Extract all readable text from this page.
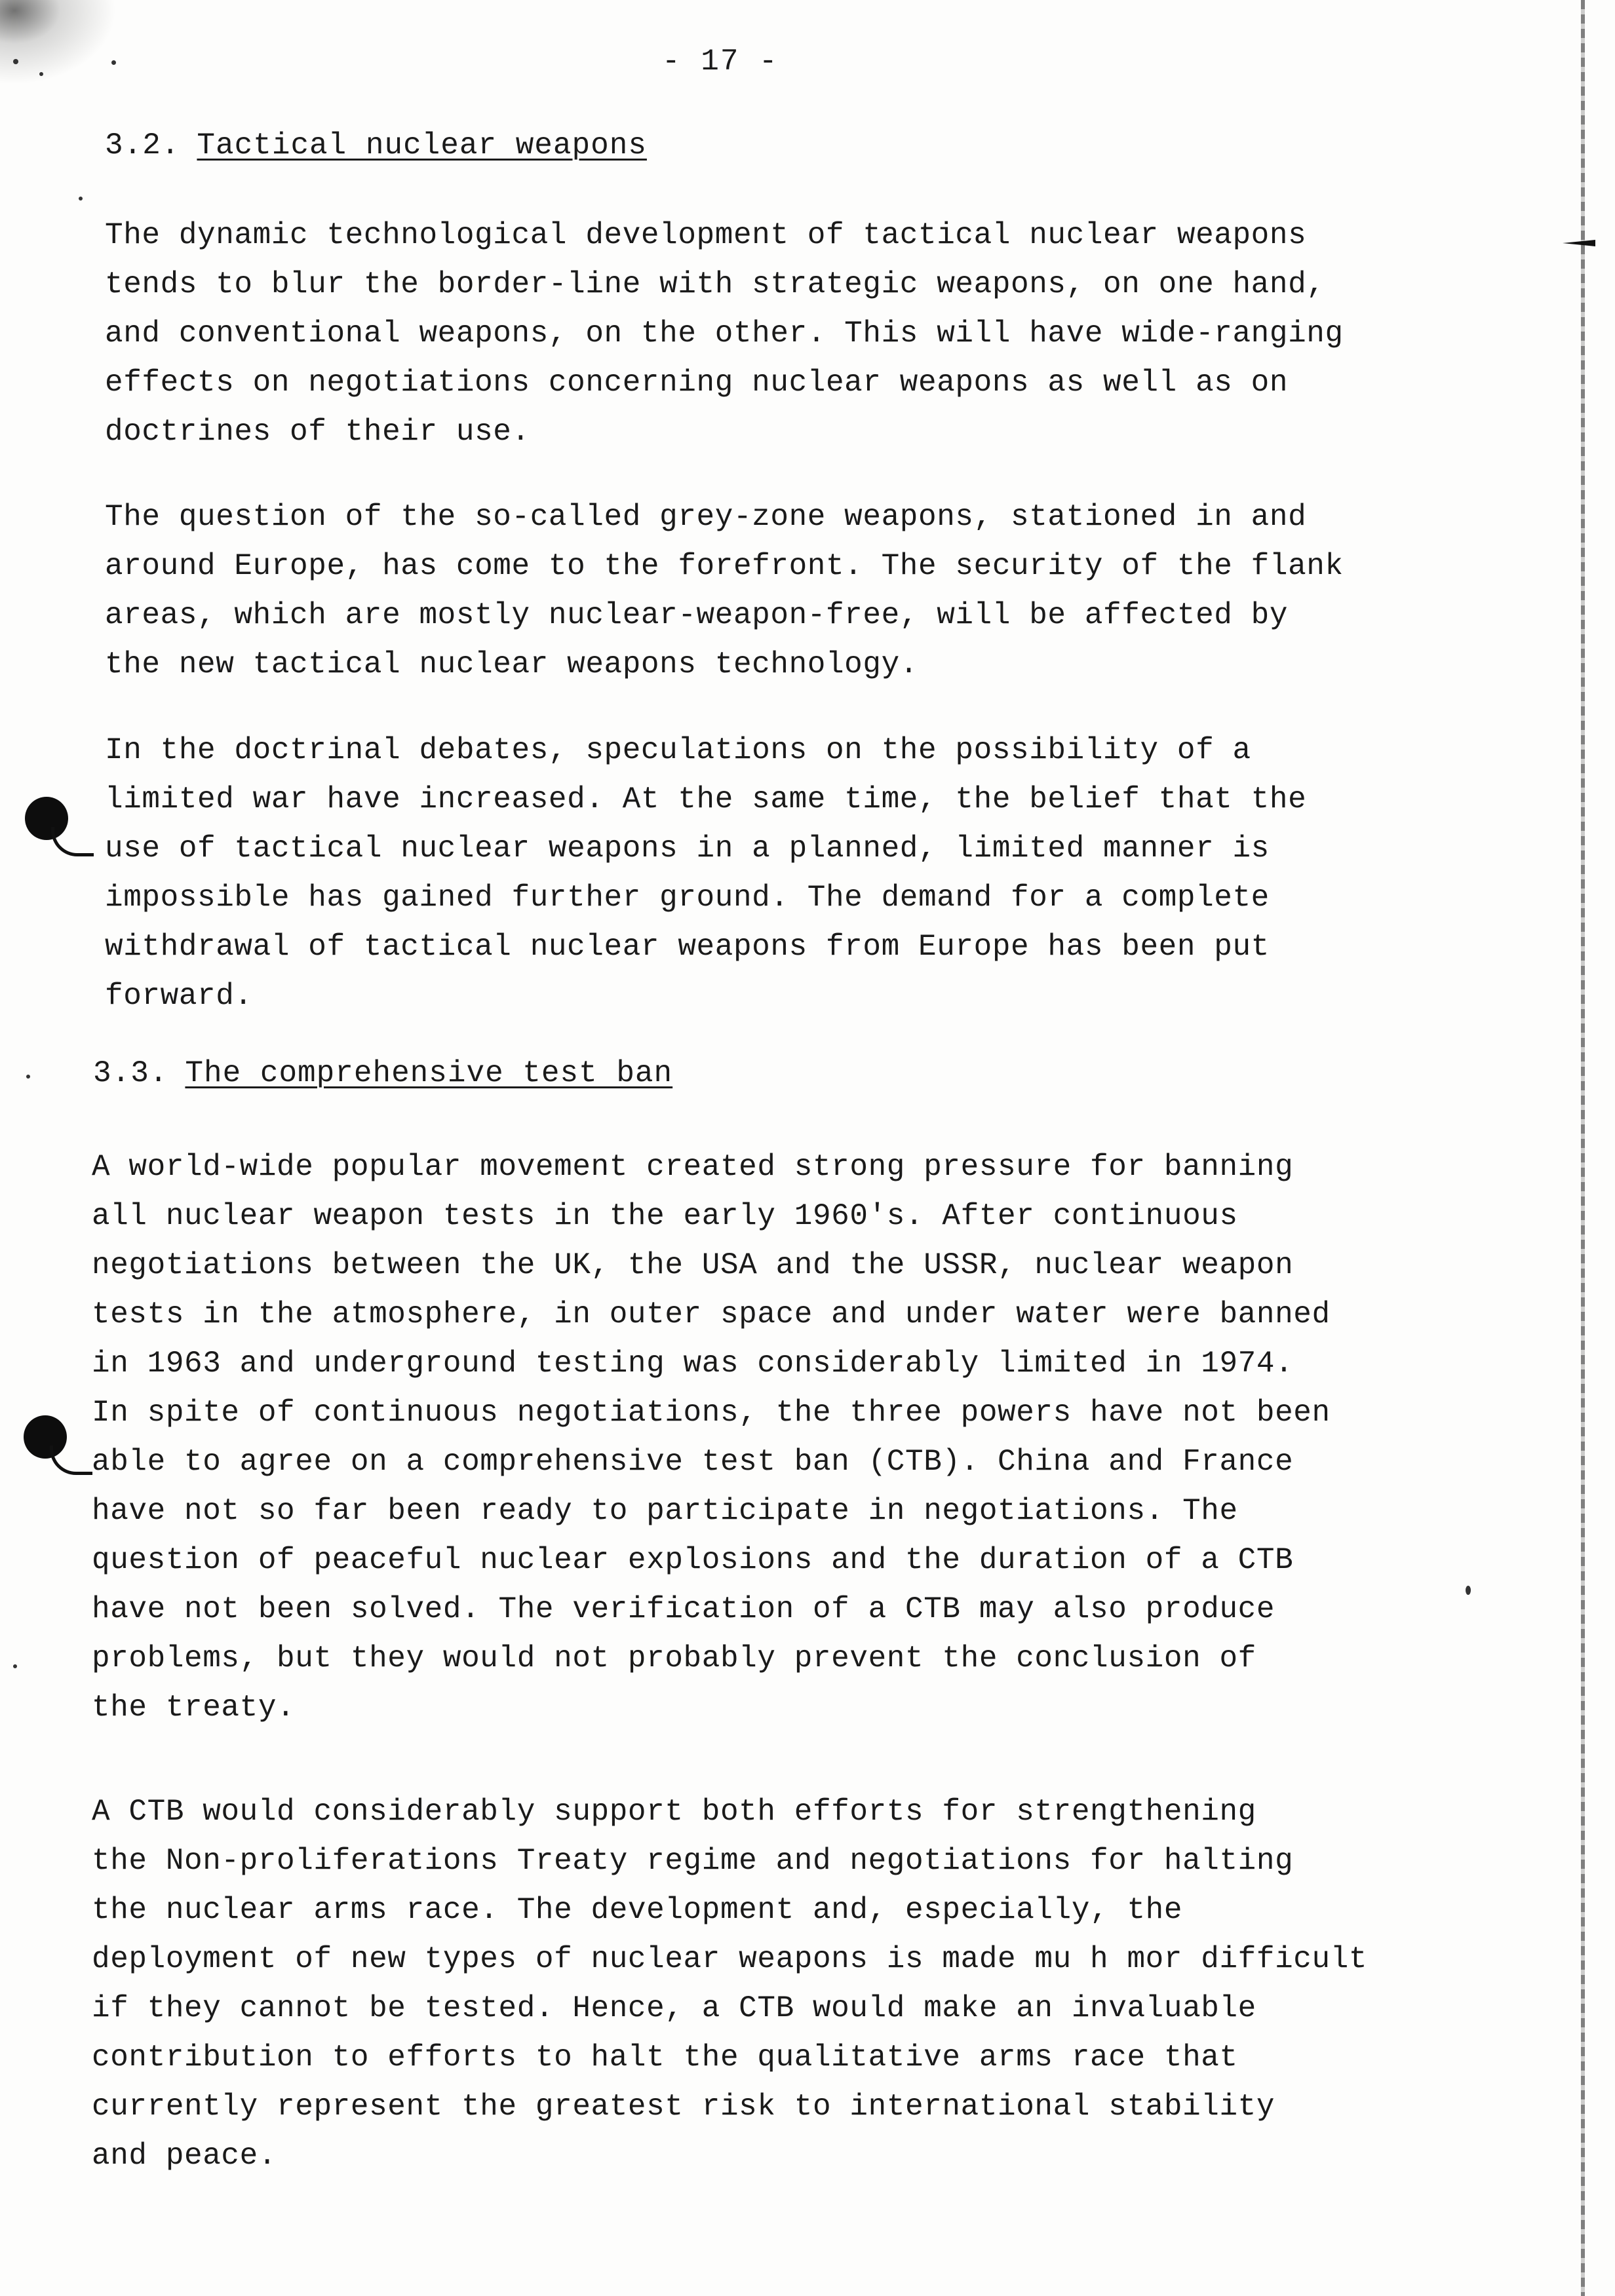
- 17 -
3.2. Tactical nuclear weapons
The dynamic technological development of tactical nuclear weapons
tends to blur the border-line with strategic weapons, on one hand,
and conventional weapons, on the other. This will have wide-ranging
effects on negotiations concerning nuclear weapons as well as on
doctrines of their use.
The question of the so-called grey-zone weapons, stationed in and
around Europe, has come to the forefront. The security of the flank
areas, which are mostly nuclear-weapon-free, will be affected by
the new tactical nuclear weapons technology.
In the doctrinal debates, speculations on the possibility of a
limited war have increased. At the same time, the belief that the
use of tactical nuclear weapons in a planned, limited manner is
impossible has gained further ground. The demand for a complete
withdrawal of tactical nuclear weapons from Europe has been put
forward.
3.3. The comprehensive test ban
A world-wide popular movement created strong pressure for banning
all nuclear weapon tests in the early 1960's. After continuous
negotiations between the UK, the USA and the USSR, nuclear weapon
tests in the atmosphere, in outer space and under water were banned
in 1963 and underground testing was considerably limited in 1974.
In spite of continuous negotiations, the three powers have not been
able to agree on a comprehensive test ban (CTB). China and France
have not so far been ready to participate in negotiations. The
question of peaceful nuclear explosions and the duration of a CTB
have not been solved. The verification of a CTB may also produce
problems, but they would not probably prevent the conclusion of
the treaty.
A CTB would considerably support both efforts for strengthening
the Non-proliferations Treaty regime and negotiations for halting
the nuclear arms race. The development and, especially, the
deployment of new types of nuclear weapons is made mu h mor difficult
if they cannot be tested. Hence, a CTB would make an invaluable
contribution to efforts to halt the qualitative arms race that
currently represent the greatest risk to international stability
and peace.
